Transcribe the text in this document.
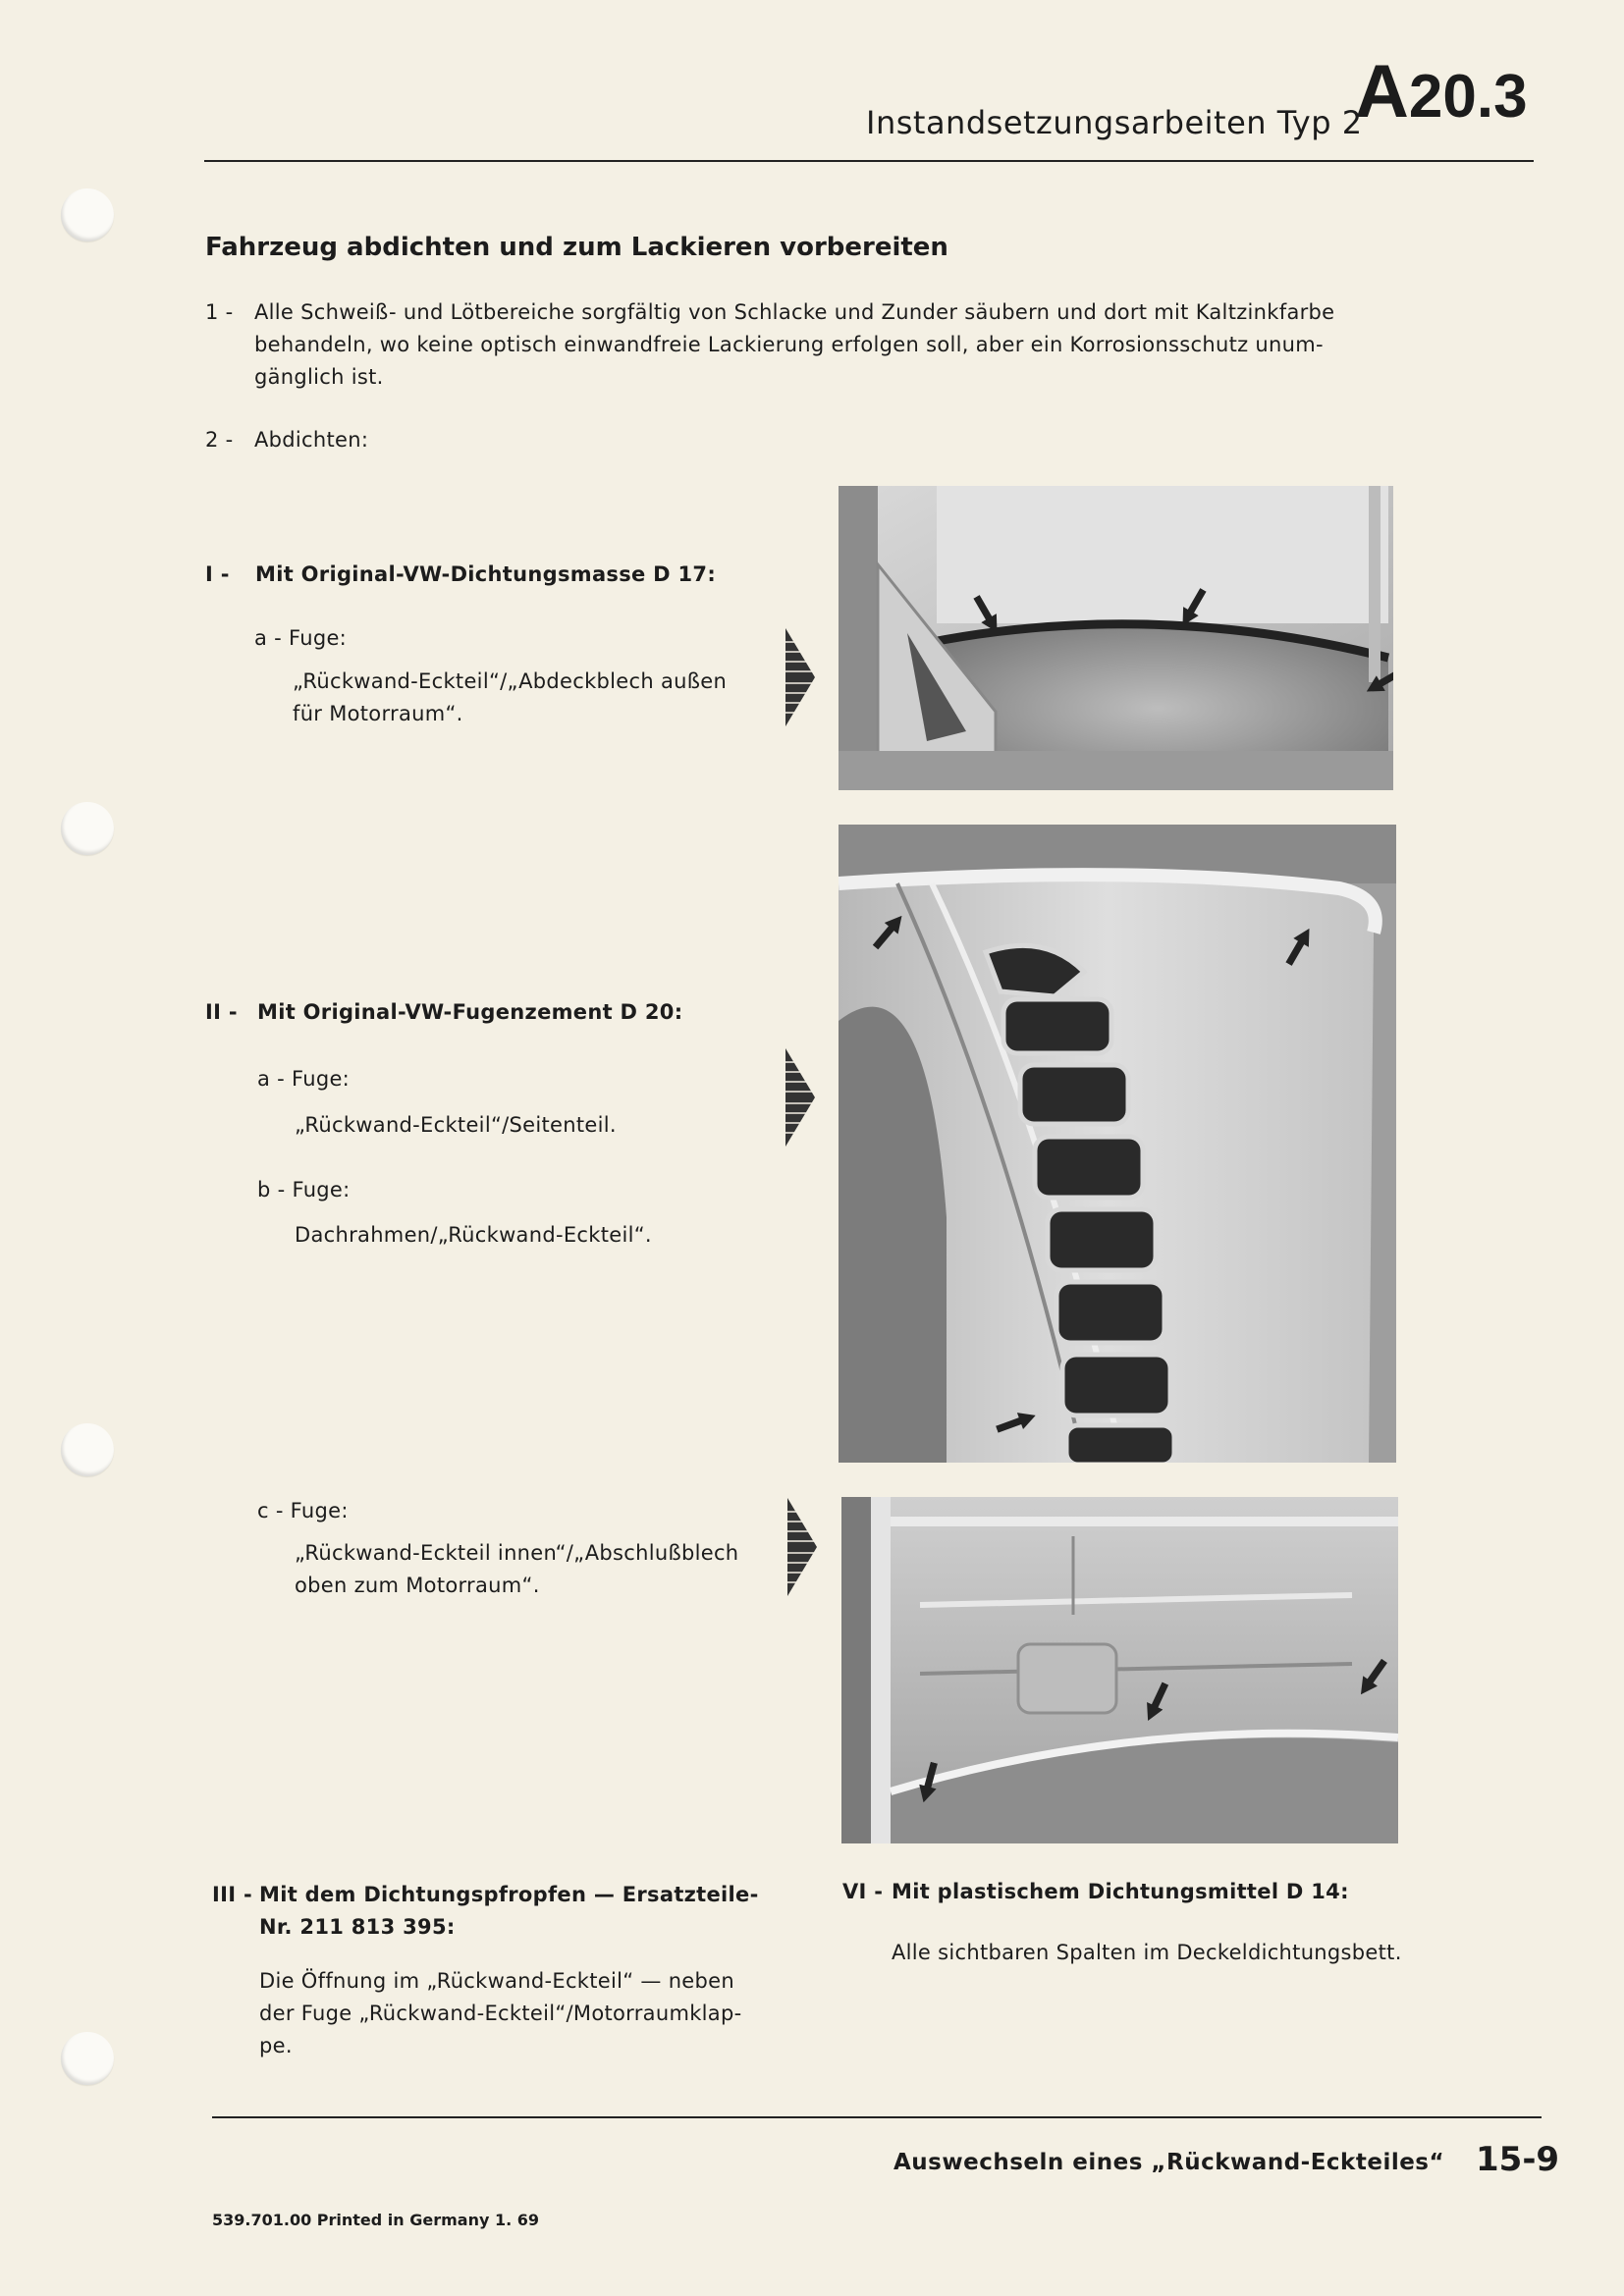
Instandsetzungsarbeiten Typ 2
A20.3
Fahrzeug abdichten und zum Lackieren vorbereiten
1 - Alle Schweiß- und Lötbereiche sorgfältig von Schlacke und Zunder säubern und dort mit Kaltzinkfarbe
behandeln, wo keine optisch einwandfreie Lackierung erfolgen soll, aber ein Korrosionsschutz unum-
gänglich ist.
2 - Abdichten:
I - Mit Original-VW-Dichtungsmasse D 17:
a - Fuge:
„Rückwand-Eckteil“/„Abdeckblech außen
für Motorraum“.
II - Mit Original-VW-Fugenzement D 20:
a - Fuge:
„Rückwand-Eckteil“/Seitenteil.
b - Fuge:
Dachrahmen/„Rückwand-Eckteil“.
c - Fuge:
„Rückwand-Eckteil innen“/„Abschlußblech
oben zum Motorraum“.
III - Mit dem Dichtungspfropfen — Ersatzteile-
Nr. 211 813 395:
Die Öffnung im „Rückwand-Eckteil“ — neben
der Fuge „Rückwand-Eckteil“/Motorraumklap-
pe.
VI - Mit plastischem Dichtungsmittel D 14:
Alle sichtbaren Spalten im Deckeldichtungsbett.
Auswechseln eines „Rückwand-Eckteiles“ 15-9
539.701.00 Printed in Germany 1. 69
